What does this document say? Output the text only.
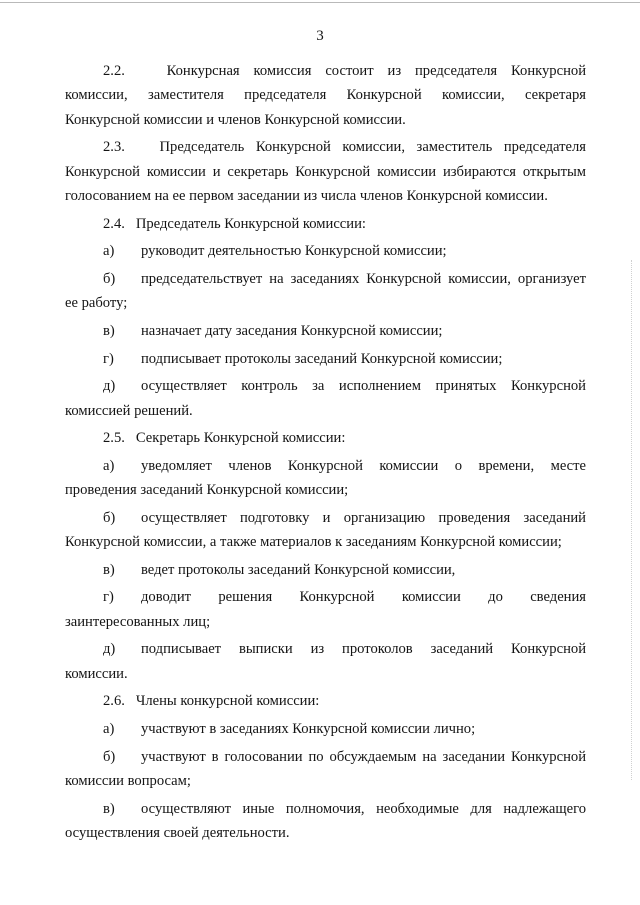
3
2.2.   Конкурсная комиссия состоит из председателя Конкурсной
комиссии, заместителя председателя Конкурсной комиссии, секретаря
Конкурсной комиссии и членов Конкурсной комиссии.
2.3.   Председатель Конкурсной комиссии, заместитель председателя
Конкурсной комиссии и секретарь Конкурсной комиссии избираются открытым
голосованием на ее первом заседании из числа членов Конкурсной комиссии.
2.4.   Председатель Конкурсной комиссии:
а)	руководит деятельностью Конкурсной комиссии;
б)	председательствует на заседаниях Конкурсной комиссии, организует
ее работу;
в)	назначает дату заседания Конкурсной комиссии;
г)	подписывает протоколы заседаний Конкурсной комиссии;
д)	осуществляет контроль за исполнением принятых Конкурсной
комиссией решений.
2.5.   Секретарь Конкурсной комиссии:
а)	уведомляет членов Конкурсной комиссии о времени, месте
проведения заседаний Конкурсной комиссии;
б)	осуществляет подготовку и организацию проведения заседаний
Конкурсной комиссии, а также материалов к заседаниям Конкурсной комиссии;
в)	ведет протоколы заседаний Конкурсной комиссии,
г)	доводит решения Конкурсной комиссии до сведения
заинтересованных лиц;
д)	подписывает выписки из протоколов заседаний Конкурсной
комиссии.
2.6.   Члены конкурсной комиссии:
а)	участвуют в заседаниях Конкурсной комиссии лично;
б)	участвуют в голосовании по обсуждаемым на заседании Конкурсной
комиссии вопросам;
в)	осуществляют иные полномочия, необходимые для надлежащего
осуществления своей деятельности.
